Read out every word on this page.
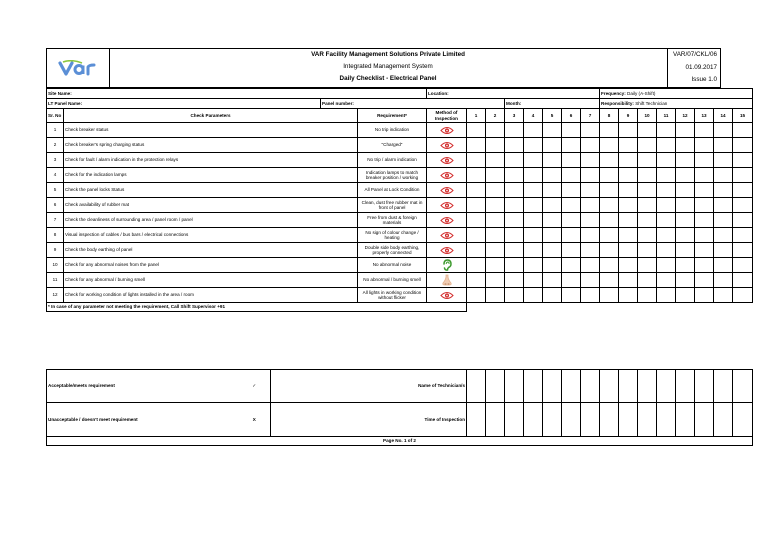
VAR Facility Management Solutions Private Limited
Integrated Management System
Daily Checklist - Electrical Panel
VAR/07/CKL/06
01.09.2017
Issue 1.0
Site Name:				Location:								Frequency: Daily (A-Shift)							
LT Panel Name:		Panel number:					Month:					Responsibility: Shift Technician							
Sr. No	Check Parameters		Requirement*	Method of Inspection	1	2	3	4	5	6	7	8	9	10	11	12	13	14	15
1	Check breaker status		No trip indication	

2	Check breaker's spring charging status		"Charged"	

3	Check for fault / alarm indication in the protection relays		No trip / alarm indication	

4	Check for the indication lamps		Indication lamps to match breaker position / working	

5	Check the panel locks Status		All Panel at Lock Condition	

6	Check availability of rubber mat		Clean, dust free rubber mat in front of panel	

7	Check the cleanliness of surrounding area / panel room / panel		Free from dust & foreign materials	

8	Visual inspection of cables / bus bars / electrical connections		No sign of colour change / heating	

9	Check the body earthing of panel		Double side body earthing, properly connected	

10	Check for any abnormal noises from the panel		No abnormal noise	

11	Check for any abnormal / burning smell		No abnormal / burning smell	

12	Check for working condition of lights installed in the area / room		All lights in working condition without flicker	

* In case of any parameter not meeting the requirement, Call Shift Supervisor +91																			
Acceptable/meets requirement	✓	Name of Technician/s															
Unacceptable / doesn't meet requirement	X	Time of Inspection															
Page No. 1 of 2																	
